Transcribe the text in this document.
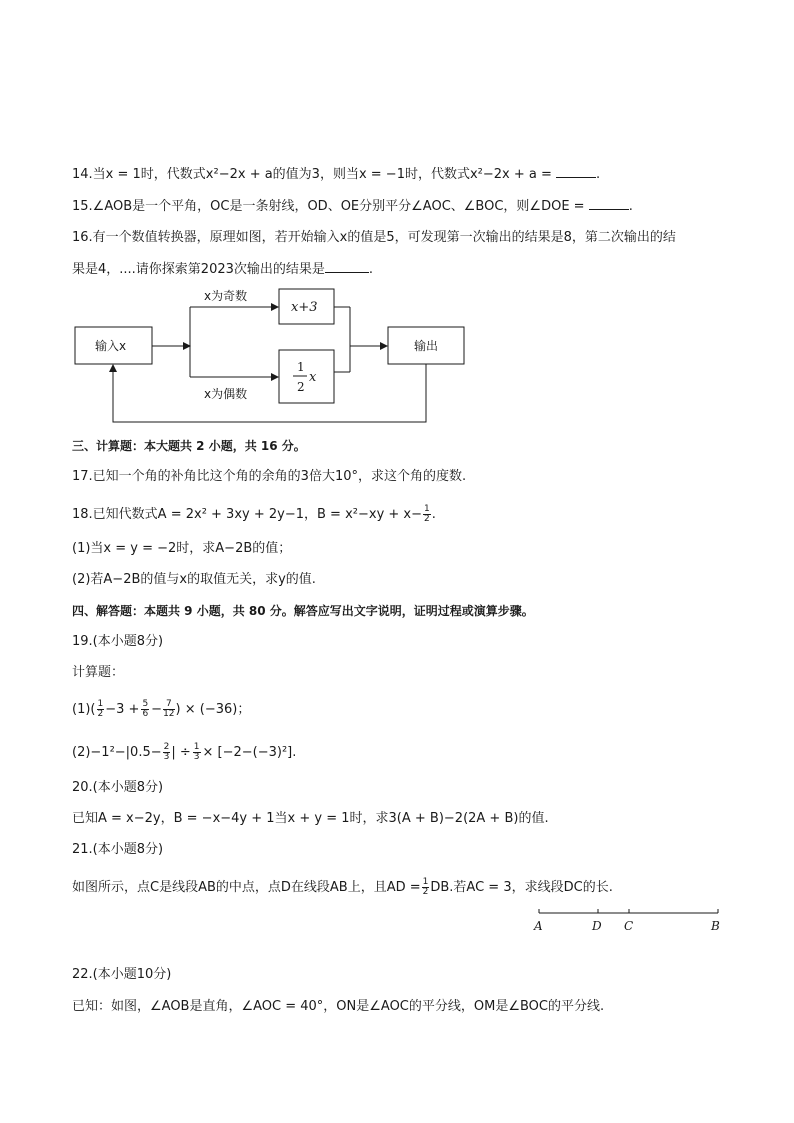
14.当x = 1时，代数式x²−2x + a的值为3，则当x = −1时，代数式x²−2x + a =	.
15.∠AOB是一个平角，OC是一条射线，OD、OE分别平分∠AOC、∠BOC，则∠DOE =	.
16.有一个数值转换器，原理如图，若开始输入x的值是5，可发现第一次输出的结果是8，第二次输出的结
果是4，....请你探索第2023次输出的结果是	.
输入x
x为奇数
x为偶数
x+3
1
2
x
输出
三、计算题：本大题共 2 小题，共 16 分。
17.已知一个角的补角比这个角的余角的3倍大10°，求这个角的度数.
18.已知代数式A = 2x² + 3xy + 2y−1，$B = x^2-xy + x- \frac{1}{2}$ .
(1)当x = y = −2时，求A−2B的值；
(2)若A−2B的值与x的取值无关，求y的值.
四、解答题：本题共 9 小题，共 80 分。解答应写出文字说明，证明过程或演算步骤。
19.(本小题8分)
计算题：
$(1)( \frac{1}{2} -3 + \frac{5}{6} - \frac{7}{12}$ ) × (−36)；
$(2)-1^2-|0.5- \frac{2}{3}$ | ÷ $\frac{1}{3} \times [-2-(-3)^2]$.
20.(本小题8分)
已知A = x−2y，B = −x−4y + 1当x + y = 1时，求3(A + B)−2(2A + B)的值.
21.(本小题8分)
如图所示，点C是线段AB的中点，点D在线段AB上，且AD = $\frac{1}{2}$ DB.若AC = 3，求线段DC的长.
A	D C	B
22.(本小题10分)
已知：如图，∠AOB是直角，∠AOC = 40°，ON是∠AOC的平分线，OM是∠BOC的平分线.
